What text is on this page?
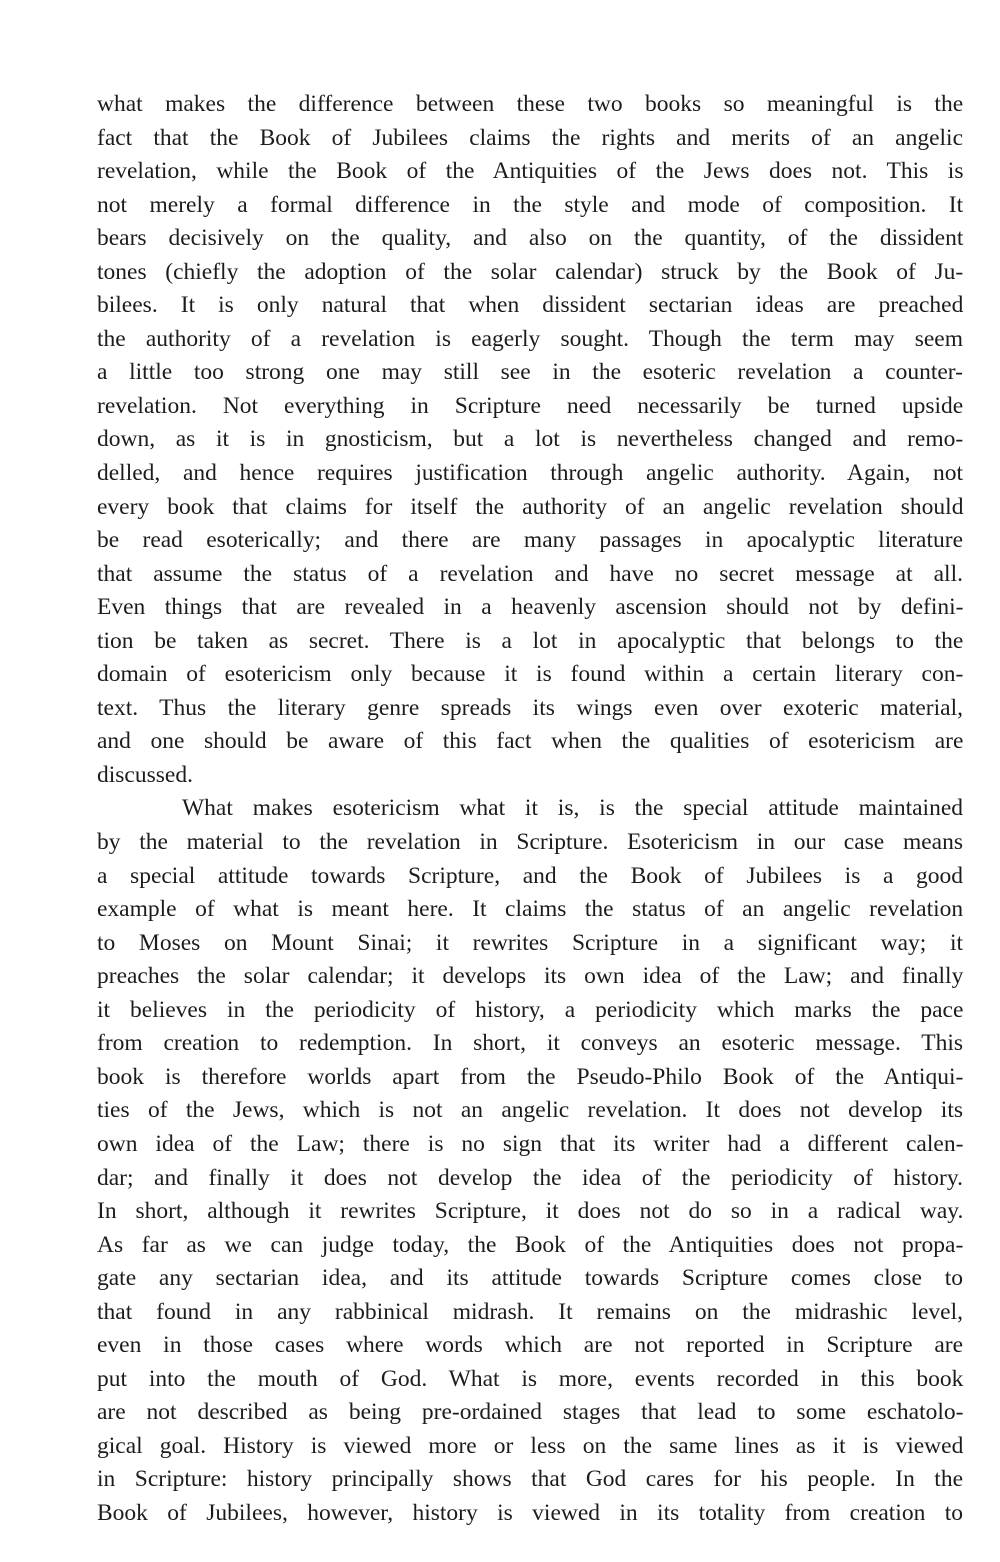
what makes the difference between these two books so meaningful is the
fact that the Book of Jubilees claims the rights and merits of an angelic
revelation, while the Book of the Antiquities of the Jews does not. This is
not merely a formal difference in the style and mode of composition. It
bears decisively on the quality, and also on the quantity, of the dissident
tones (chiefly the adoption of the solar calendar) struck by the Book of Ju-
bilees. It is only natural that when dissident sectarian ideas are preached
the authority of a revelation is eagerly sought. Though the term may seem
a little too strong one may still see in the esoteric revelation a counter-
revelation. Not everything in Scripture need necessarily be turned upside
down, as it is in gnosticism, but a lot is nevertheless changed and remo-
delled, and hence requires justification through angelic authority. Again, not
every book that claims for itself the authority of an angelic revelation should
be read esoterically; and there are many passages in apocalyptic literature
that assume the status of a revelation and have no secret message at all.
Even things that are revealed in a heavenly ascension should not by defini-
tion be taken as secret. There is a lot in apocalyptic that belongs to the
domain of esotericism only because it is found within a certain literary con-
text. Thus the literary genre spreads its wings even over exoteric material,
and one should be aware of this fact when the qualities of esotericism are
discussed.

What makes esotericism what it is, is the special attitude maintained
by the material to the revelation in Scripture. Esotericism in our case means
a special attitude towards Scripture, and the Book of Jubilees is a good
example of what is meant here. It claims the status of an angelic revelation
to Moses on Mount Sinai; it rewrites Scripture in a significant way; it
preaches the solar calendar; it develops its own idea of the Law; and finally
it believes in the periodicity of history, a periodicity which marks the pace
from creation to redemption. In short, it conveys an esoteric message. This
book is therefore worlds apart from the Pseudo-Philo Book of the Antiqui-
ties of the Jews, which is not an angelic revelation. It does not develop its
own idea of the Law; there is no sign that its writer had a different calen-
dar; and finally it does not develop the idea of the periodicity of history.
In short, although it rewrites Scripture, it does not do so in a radical way.
As far as we can judge today, the Book of the Antiquities does not propa-
gate any sectarian idea, and its attitude towards Scripture comes close to
that found in any rabbinical midrash. It remains on the midrashic level,
even in those cases where words which are not reported in Scripture are
put into the mouth of God. What is more, events recorded in this book
are not described as being pre-ordained stages that lead to some eschatolo-
gical goal. History is viewed more or less on the same lines as it is viewed
in Scripture: history principally shows that God cares for his people. In the
Book of Jubilees, however, history is viewed in its totality from creation to
